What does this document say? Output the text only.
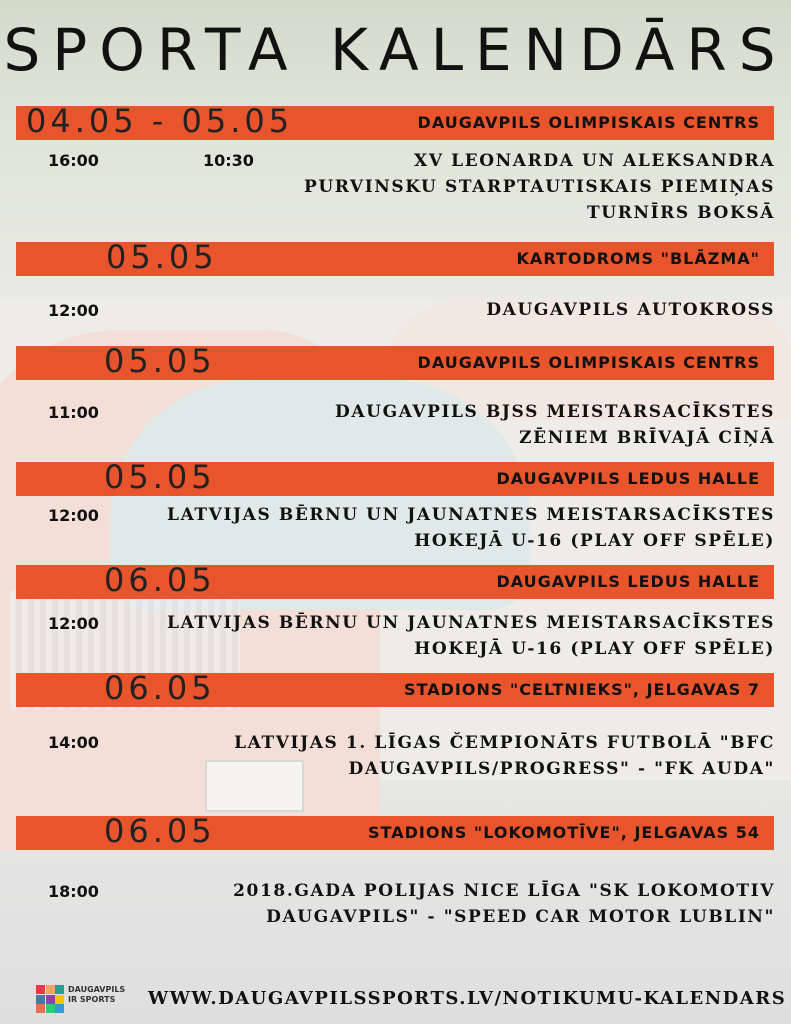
SPORTA KALENDĀRS
04.05 - 05.05	DAUGAVPILS OLIMPISKAIS CENTRS
16:00	10:30	XV LEONARDA UN ALEKSANDRA
PURVINSKU STARPTAUTISKAIS PIEMIŅAS
TURNĪRS BOKSĀ
05.05	KARTODROMS "BLĀZMA"
12:00	DAUGAVPILS AUTOKROSS
05.05	DAUGAVPILS OLIMPISKAIS CENTRS
11:00	DAUGAVPILS BJSS MEISTARSACĪKSTES
ZĒNIEM BRĪVAJĀ CĪŅĀ
05.05	DAUGAVPILS LEDUS HALLE
12:00	LATVIJAS BĒRNU UN JAUNATNES MEISTARSACĪKSTES
HOKEJĀ U-16 (PLAY OFF SPĒLE)
06.05	DAUGAVPILS LEDUS HALLE
12:00	LATVIJAS BĒRNU UN JAUNATNES MEISTARSACĪKSTES
HOKEJĀ U-16 (PLAY OFF SPĒLE)
06.05	STADIONS "CELTNIEKS", JELGAVAS 7
14:00	LATVIJAS 1. LĪGAS ČEMPIONĀTS FUTBOLĀ "BFC
DAUGAVPILS/PROGRESS" - "FK AUDA"
06.05	STADIONS "LOKOMOTĪVE", JELGAVAS 54
18:00	2018.GADA POLIJAS NICE LĪGA "SK LOKOMOTIV
DAUGAVPILS" - "SPEED CAR MOTOR LUBLIN"
DAUGAVPILS
IR SPORTS	WWW.DAUGAVPILSSPORTS.LV/NOTIKUMU-KALENDARS
